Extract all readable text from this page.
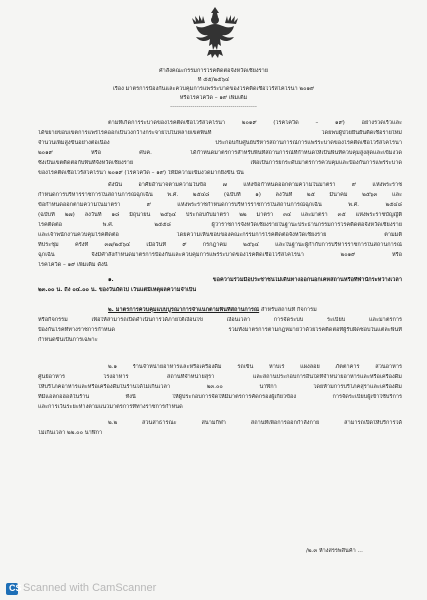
คำสั่งคณะกรรมการโรคติดต่อจังหวัดเชียงราย
ที่ ๕๕/๒๕๖๔
เรื่อง มาตรการป้องกันและควบคุมการแพร่ระบาดของโรคติดเชื้อไวรัสโคโรนา ๒๐๑๙
หรือโรคโควิด – ๑๙ เพิ่มเติม
-------------------------------------------
ตามที่เกิดการระบาดของโรคติดเชื้อไวรัสโคโรนา ๒๐๑๙ (โรคโควิด – ๑๙) อย่างรวดเร็วและ
ได้ขยายขอบเขตการแพร่โรคออกเป็นวงกว้างกระจายไปในหลายเขตพื้นที่ โดยพบผู้ป่วยยืนยันติดเชื้อรายใหม่
จำนวนเพิ่มสูงขึ้นอย่างต่อเนื่อง ประกอบกับศูนย์บริหารสถานการณ์การแพร่ระบาดของโรคติดเชื้อไวรัสโคโรนา
๒๐๑๙ หรือ ศบค. ได้กำหนดมาตรการสำหรับพื้นที่สถานการณ์ที่กำหนดให้เป็นพื้นที่ควบคุมสูงสุดและเข้มงวด
ซึ่งเป็นเขตติดต่อกับพื้นที่จังหวัดเชียงราย เพื่อเป็นการยกระดับมาตรการควบคุมและป้องกันการแพร่ระบาด
ของโรคติดเชื้อไวรัสโคโรนา ๒๐๑๙ (โรคโควิด – ๑๙) ให้มีความเข้มงวดมากยิ่งขึ้น นั้น
ดังนั้น อาศัยอำนาจตามความในข้อ ๗ แห่งข้อกำหนดออกตามความในมาตรา ๙ แห่งพระราช
กำหนดการบริหารราชการในสถานการณ์ฉุกเฉิน พ.ศ. ๒๕๔๘ (ฉบับที่ ๑) ลงวันที่ ๒๕ มีนาคม ๒๕๖๓ และ
ข้อกำหนดออกตามความในมาตรา ๙ แห่งพระราชกำหนดการบริหารราชการในสถานการณ์ฉุกเฉิน พ.ศ. ๒๕๔๘
(ฉบับที่ ๒๗) ลงวันที่ ๑๘ มิถุนายน ๒๕๖๔ ประกอบกับมาตรา ๒๒ มาตรา ๓๔ และมาตรา ๓๕ แห่งพระราชบัญญัติ
โรคติดต่อ พ.ศ. ๒๕๕๘ ผู้ว่าราชการจังหวัดเชียงรายในฐานะประธานกรรมการโรคติดต่อจังหวัดเชียงราย
และเจ้าพนักงานควบคุมโรคติดต่อ โดยความเห็นชอบของคณะกรรมการโรคติดต่อจังหวัดเชียงราย ตามมติ
ที่ประชุม ครั้งที่ ๓๗/๒๕๖๔ เมื่อวันที่ ๙ กรกฎาคม ๒๕๖๔ และในฐานะผู้กำกับการบริหารราชการในสถานการณ์
ฉุกเฉิน จึงมีคำสั่งกำหนดมาตรการป้องกันและควบคุมการแพร่ระบาดของโรคติดเชื้อไวรัสโคโรนา ๒๐๑๙ หรือ
โรคโควิด – ๑๙ เพิ่มเติม ดังนี้
๑. ขอความร่วมมือประชาชนไม่เดินทางออกนอกเคหสถานหรือที่พำนักระหว่างเวลา
๒๓.๐๐ น. ถึง ๐๔.๐๐ น. ของวันถัดไป เว้นแต่มีเหตุผลความจำเป็น
๒. มาตรการควบคุมแบบบูรณาการจำแนกตามพื้นที่สถานการณ์ สำหรับสถานที่ กิจการม
หรือกิจกรรม เพื่อให้สามารถเปิดดำเนินการได้ภายใต้เงื่อนไข เงื่อนเวลา การจัดระบบ ระเบียบ และมาตรการ
ป้องกันโรคที่ทางราชการกำหนด รวมทั้งมาตรการตามกฎหมายว่าด้วยโรคติดต่อที่ผู้รับผิดชอบในแต่ละพื้นที่
กำหนดขึ้นเป็นการเฉพาะ
๒.๑ ร้านจำหน่ายอาหารและหรือเครื่องดื่ม รถเข็น หาบเร่ แผงลอย ภัตตาคาร สวนอาหาร
ศูนย์อาหาร โรงอาหาร สถานที่จำหน่ายสุรา และสถานประกอบการอื่นใดที่จำหน่ายอาหารและหรือเครื่องดื่ม
ให้บริโภคอาหารและหรือเครื่องดื่มในร้านได้ไม่เกินเวลา ๒๓.๐๐ นาฬิกา โดยห้ามการบริโภคสุราและเครื่องดื่ม
ที่มีแอลกอฮอล์ในร้าน ทั้งนี้ ให้ผู้ประกอบการจัดให้มีมาตรการคัดกรองผู้เกี่ยวข้อง การจัดระเบียบผู้เข้าใช้บริการ
และการเว้นระยะห่างตามแนวมาตรการที่ทางราชการกำหนด
๒.๒ สวนสาธารณะ สนามกีฬา สถานที่เพื่อการออกกำลังกาย สามารถเปิดให้บริการได้
ไม่เกินเวลา ๒๒.๐๐ นาฬิกา
/๒.๓ ห้างสรรพสินค้า ...
CS Scanned with CamScanner
